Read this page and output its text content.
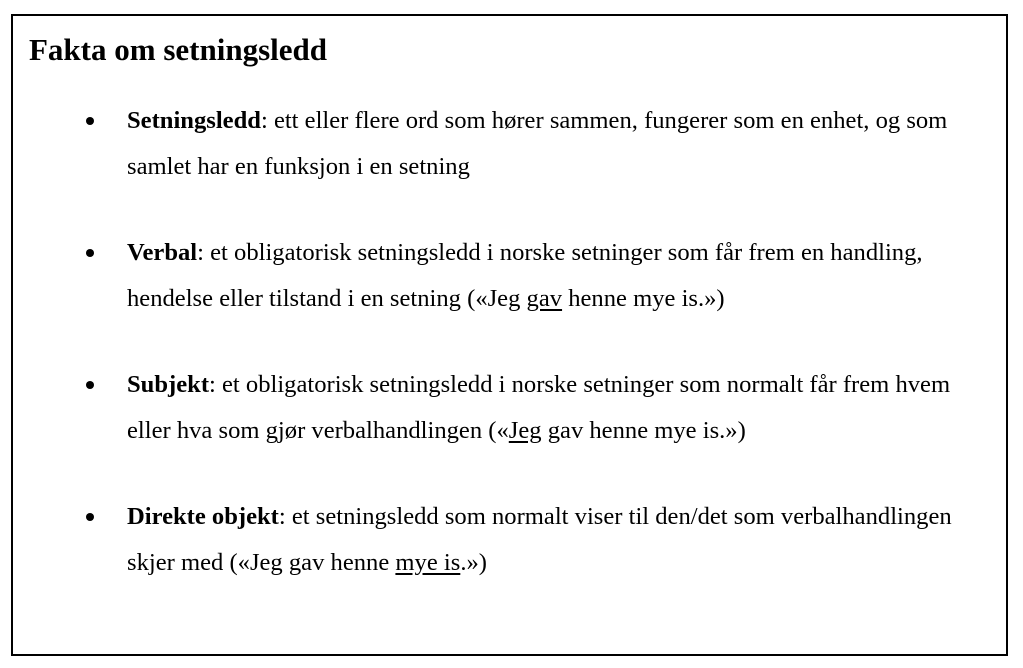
Fakta om setningsledd
Setningsledd: ett eller flere ord som hører sammen, fungerer som en enhet, og som samlet har en funksjon i en setning
Verbal: et obligatorisk setningsledd i norske setninger som får frem en handling, hendelse eller tilstand i en setning («Jeg gav henne mye is.»)
Subjekt: et obligatorisk setningsledd i norske setninger som normalt får frem hvem eller hva som gjør verbalhandlingen («Jeg gav henne mye is.»)
Direkte objekt: et setningsledd som normalt viser til den/det som verbalhandlingen skjer med («Jeg gav henne mye is.»)
